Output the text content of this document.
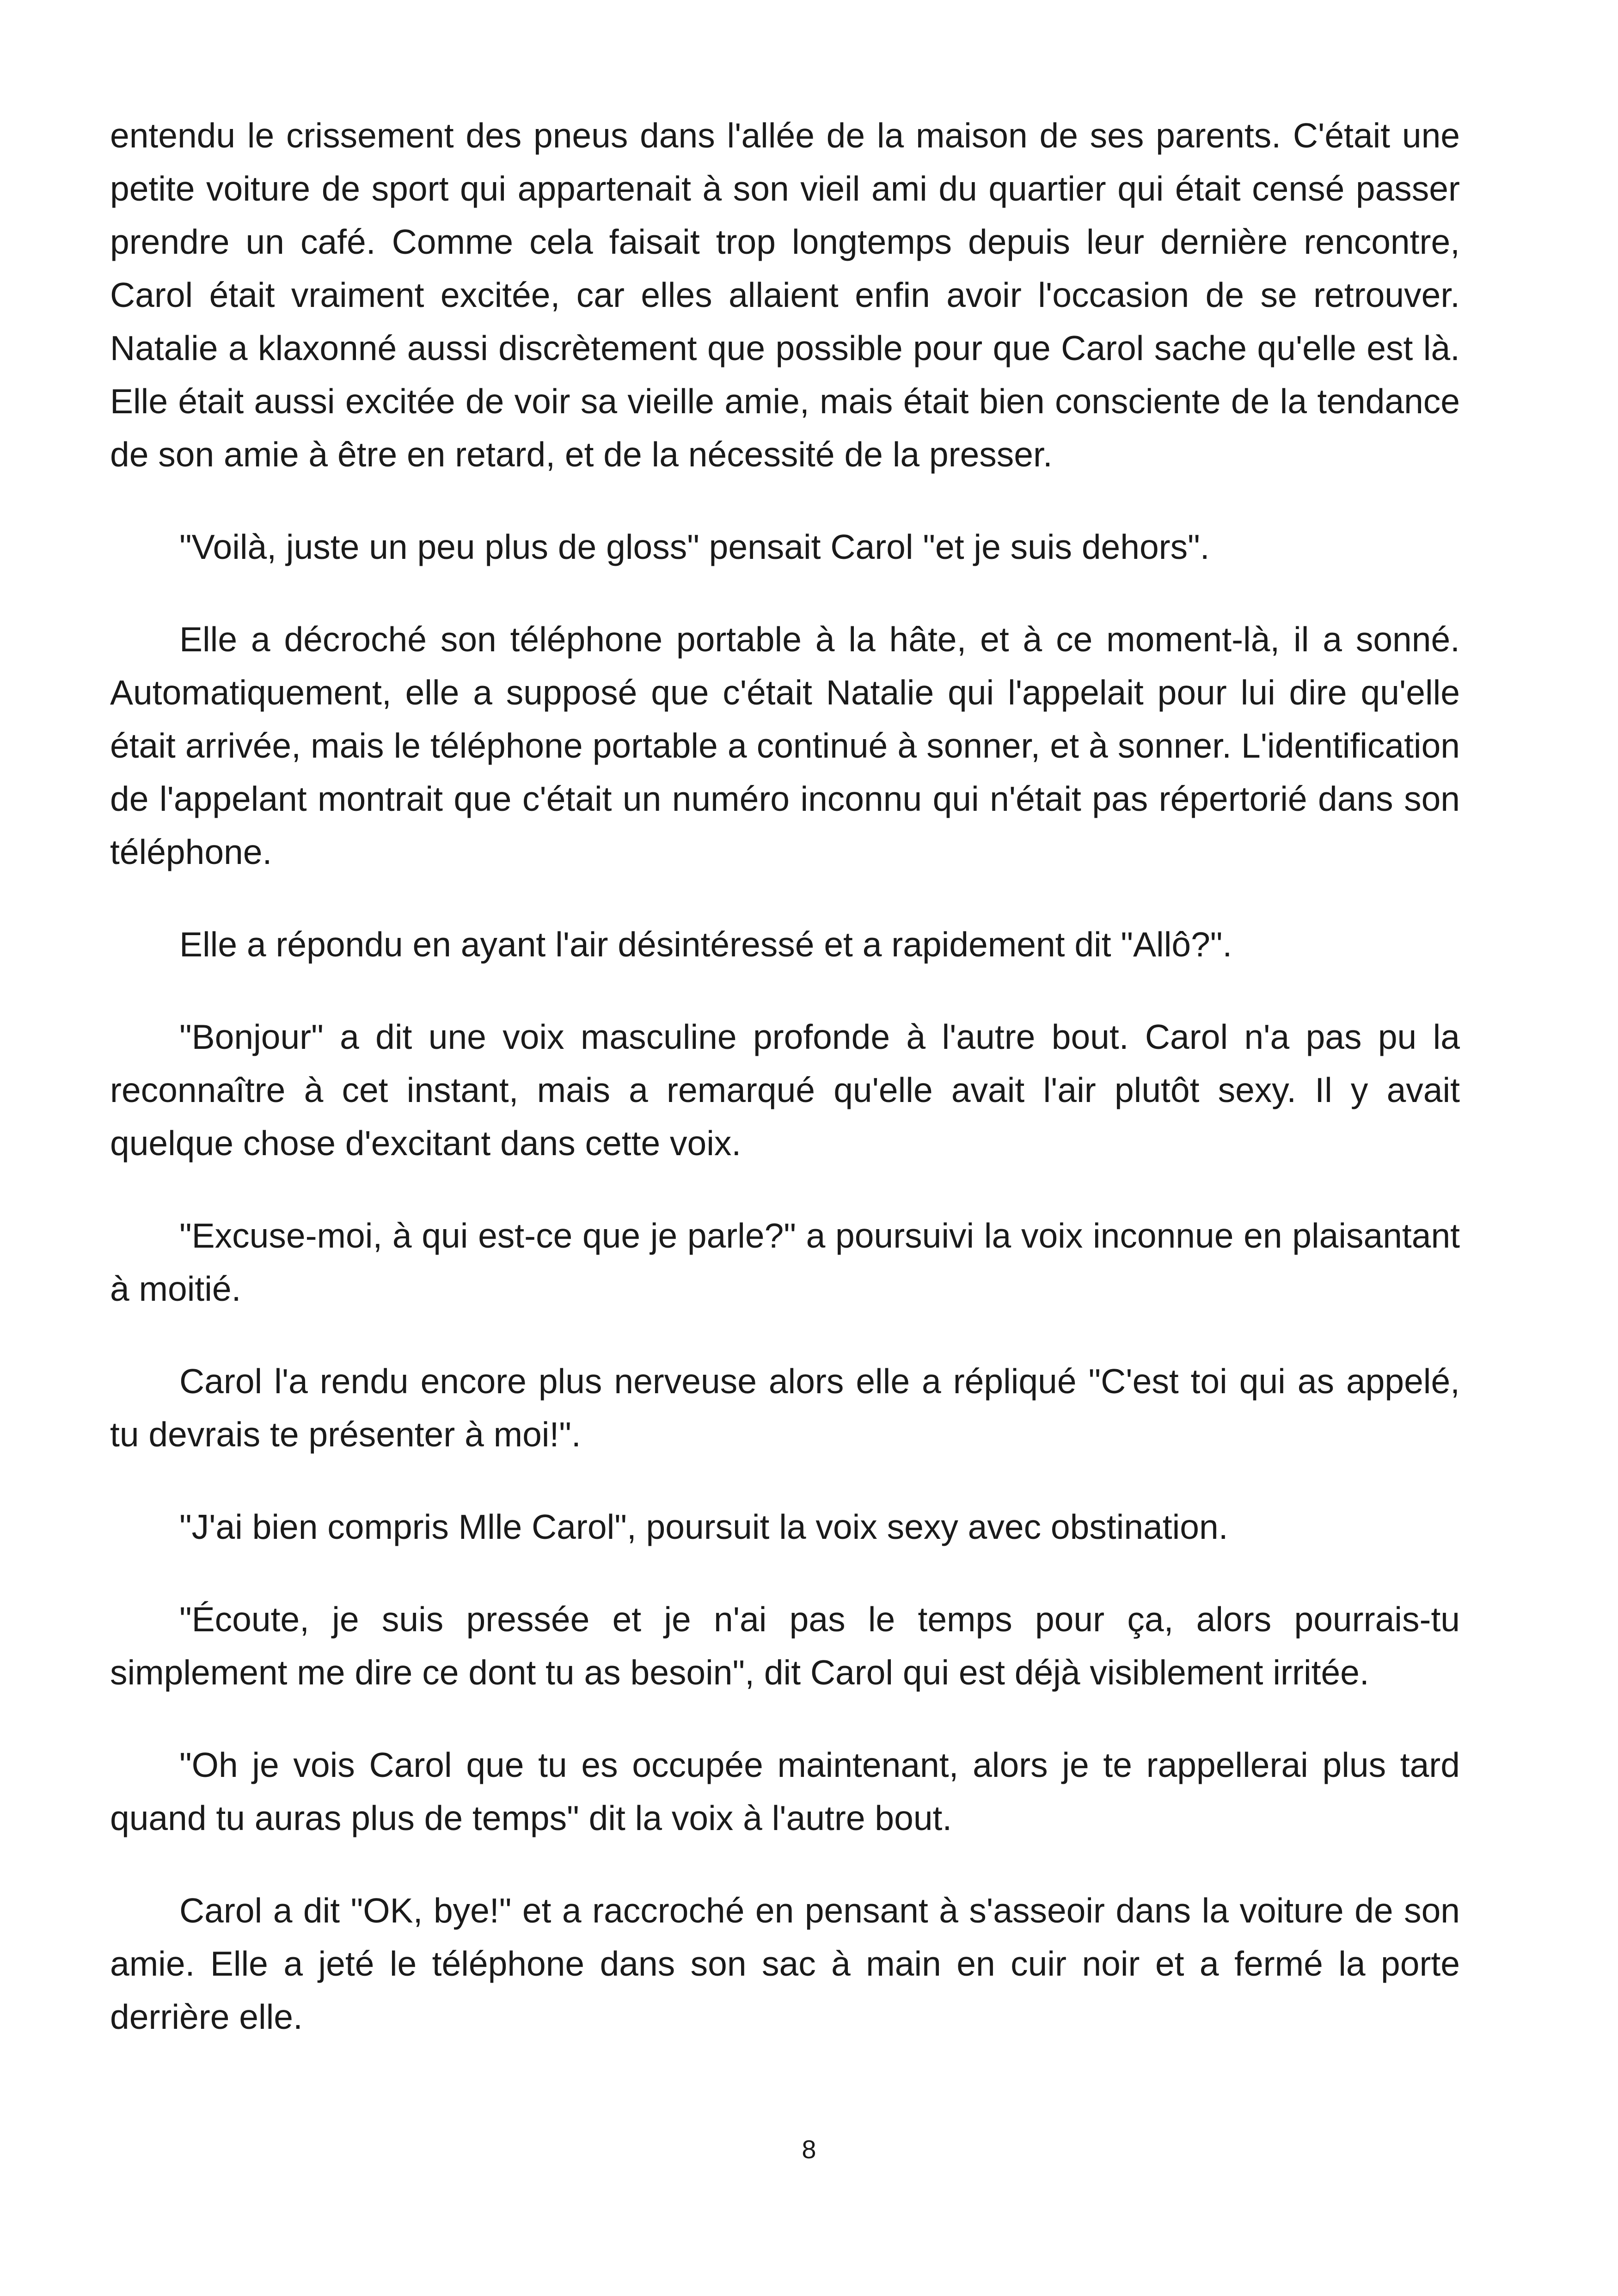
entendu le crissement des pneus dans l'allée de la maison de ses parents. C'était une petite voiture de sport qui appartenait à son vieil ami du quartier qui était censé passer prendre un café. Comme cela faisait trop longtemps depuis leur dernière rencontre, Carol était vraiment excitée, car elles allaient enfin avoir l'occasion de se retrouver. Natalie a klaxonné aussi discrètement que possible pour que Carol sache qu'elle est là. Elle était aussi excitée de voir sa vieille amie, mais était bien consciente de la tendance de son amie à être en retard, et de la nécessité de la presser.

"Voilà, juste un peu plus de gloss" pensait Carol "et je suis dehors".

Elle a décroché son téléphone portable à la hâte, et à ce moment-là, il a sonné. Automatiquement, elle a supposé que c'était Natalie qui l'appelait pour lui dire qu'elle était arrivée, mais le téléphone portable a continué à sonner, et à sonner. L'identification de l'appelant montrait que c'était un numéro inconnu qui n'était pas répertorié dans son téléphone.

Elle a répondu en ayant l'air désintéressé et a rapidement dit "Allô?".

"Bonjour" a dit une voix masculine profonde à l'autre bout. Carol n'a pas pu la reconnaître à cet instant, mais a remarqué qu'elle avait l'air plutôt sexy. Il y avait quelque chose d'excitant dans cette voix.

"Excuse-moi, à qui est-ce que je parle?" a poursuivi la voix inconnue en plaisantant à moitié.

Carol l'a rendu encore plus nerveuse alors elle a répliqué "C'est toi qui as appelé, tu devrais te présenter à moi!".

"J'ai bien compris Mlle Carol", poursuit la voix sexy avec obstination.

"Écoute, je suis pressée et je n'ai pas le temps pour ça, alors pourrais-tu simplement me dire ce dont tu as besoin", dit Carol qui est déjà visiblement irritée.

"Oh je vois Carol que tu es occupée maintenant, alors je te rappellerai plus tard quand tu auras plus de temps" dit la voix à l'autre bout.

Carol a dit "OK, bye!" et a raccroché en pensant à s'asseoir dans la voiture de son amie. Elle a jeté le téléphone dans son sac à main en cuir noir et a fermé la porte derrière elle.

8
